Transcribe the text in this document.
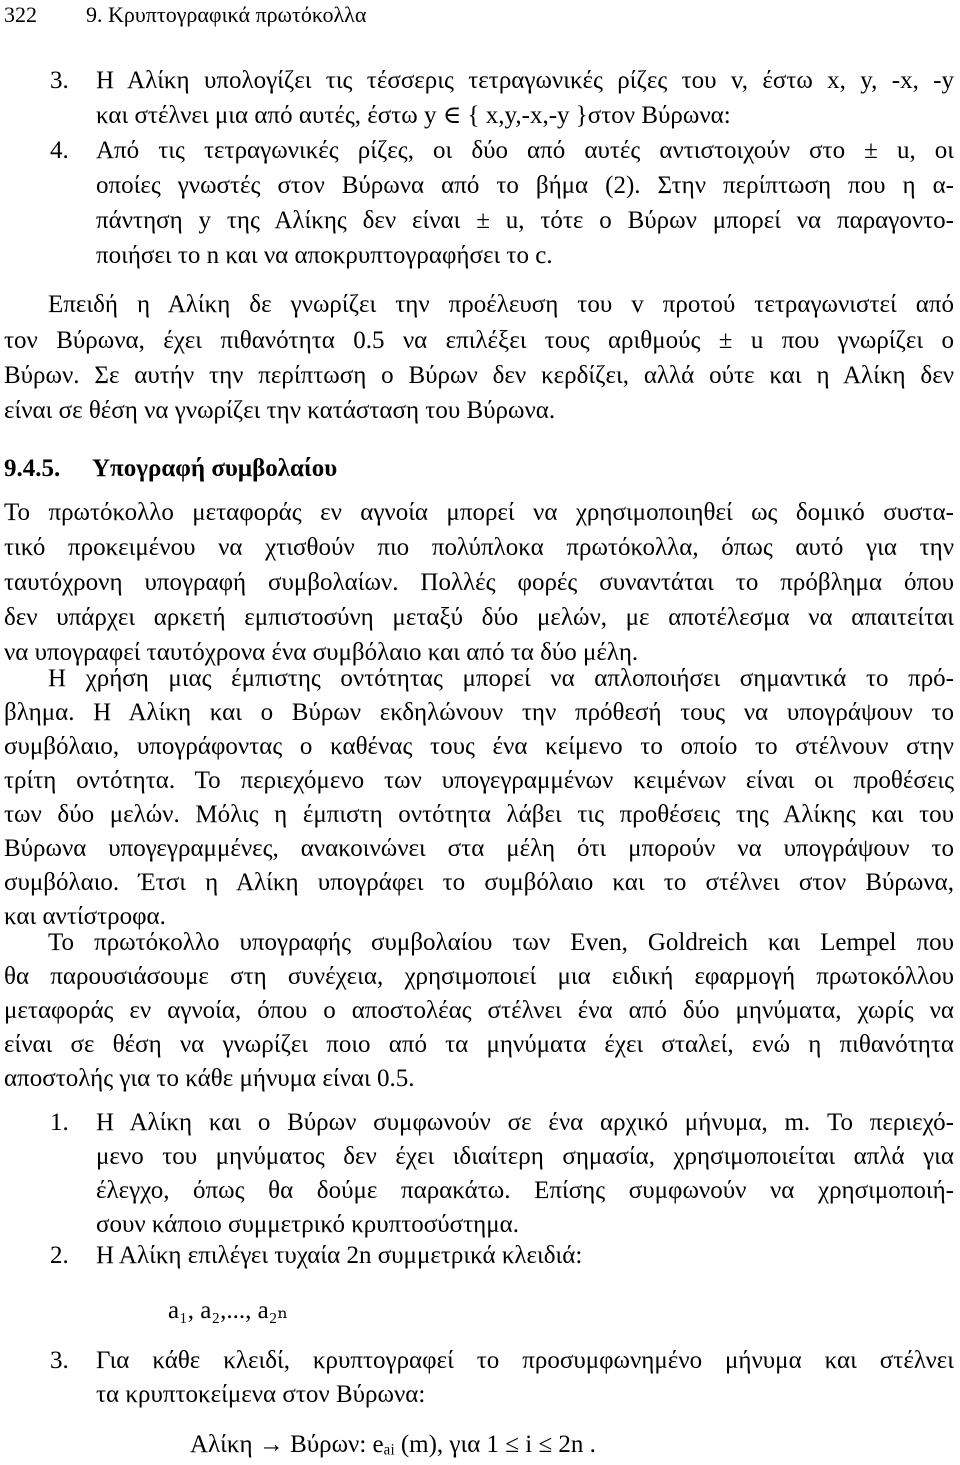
322 9. Κρυπτογραφικά πρωτόκολλα
3. Η Αλίκη υπολογίζει τις τέσσερις τετραγωνικές ρίζες του v, έστω x, y, -x, -y
και στέλνει μια από αυτές, έστω y ∈ { x,y,-x,-y }στον Βύρωνα:
4. Από τις τετραγωνικές ρίζες, οι δύο από αυτές αντιστοιχούν στο ± u, οι
οποίες γνωστές στον Βύρωνα από το βήμα (2). Στην περίπτωση που η α-
πάντηση y της Αλίκης δεν είναι ± u, τότε ο Βύρων μπορεί να παραγοντο-
ποιήσει το n και να αποκρυπτογραφήσει το c.
Επειδή η Αλίκη δε γνωρίζει την προέλευση του v προτού τετραγωνιστεί από
τον Βύρωνα, έχει πιθανότητα 0.5 να επιλέξει τους αριθμούς ± u που γνωρίζει ο
Βύρων. Σε αυτήν την περίπτωση ο Βύρων δεν κερδίζει, αλλά ούτε και η Αλίκη δεν
είναι σε θέση να γνωρίζει την κατάσταση του Βύρωνα.
9.4.5. Υπογραφή συμβολαίου
Το πρωτόκολλο μεταφοράς εν αγνοία μπορεί να χρησιμοποιηθεί ως δομικό συστα-
τικό προκειμένου να χτισθούν πιο πολύπλοκα πρωτόκολλα, όπως αυτό για την
ταυτόχρονη υπογραφή συμβολαίων. Πολλές φορές συναντάται το πρόβλημα όπου
δεν υπάρχει αρκετή εμπιστοσύνη μεταξύ δύο μελών, με αποτέλεσμα να απαιτείται
να υπογραφεί ταυτόχρονα ένα συμβόλαιο και από τα δύο μέλη.
Η χρήση μιας έμπιστης οντότητας μπορεί να απλοποιήσει σημαντικά το πρό-
βλημα. Η Αλίκη και ο Βύρων εκδηλώνουν την πρόθεσή τους να υπογράψουν το
συμβόλαιο, υπογράφοντας ο καθένας τους ένα κείμενο το οποίο το στέλνουν στην
τρίτη οντότητα. Το περιεχόμενο των υπογεγραμμένων κειμένων είναι οι προθέσεις
των δύο μελών. Μόλις η έμπιστη οντότητα λάβει τις προθέσεις της Αλίκης και του
Βύρωνα υπογεγραμμένες, ανακοινώνει στα μέλη ότι μπορούν να υπογράψουν το
συμβόλαιο. Έτσι η Αλίκη υπογράφει το συμβόλαιο και το στέλνει στον Βύρωνα,
και αντίστροφα.
Το πρωτόκολλο υπογραφής συμβολαίου των Even, Goldreich και Lempel που
θα παρουσιάσουμε στη συνέχεια, χρησιμοποιεί μια ειδική εφαρμογή πρωτοκόλλου
μεταφοράς εν αγνοία, όπου ο αποστολέας στέλνει ένα από δύο μηνύματα, χωρίς να
είναι σε θέση να γνωρίζει ποιο από τα μηνύματα έχει σταλεί, ενώ η πιθανότητα
αποστολής για το κάθε μήνυμα είναι 0.5.
1. Η Αλίκη και ο Βύρων συμφωνούν σε ένα αρχικό μήνυμα, m. Το περιεχό-
μενο του μηνύματος δεν έχει ιδιαίτερη σημασία, χρησιμοποιείται απλά για
έλεγχο, όπως θα δούμε παρακάτω. Επίσης συμφωνούν να χρησιμοποιή-
σουν κάποιο συμμετρικό κρυπτοσύστημα.
2. Η Αλίκη επιλέγει τυχαία 2n συμμετρικά κλειδιά:
a₁, a₂,..., a₂ₙ
3. Για κάθε κλειδί, κρυπτογραφεί το προσυμφωνημένο μήνυμα και στέλνει
τα κρυπτοκείμενα στον Βύρωνα:
Αλίκη → Βύρων: eₐᵢ (m), για 1 ≤ i ≤ 2n .
